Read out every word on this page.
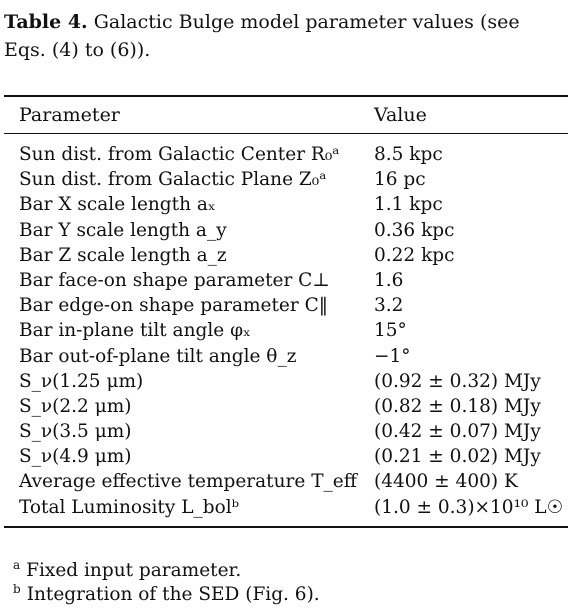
Table 4. Galactic Bulge model parameter values (see Eqs. (4) to (6)).
Parameter	Value
Sun dist. from Galactic Center R₀ᵃ 8.5 kpc
Sun dist. from Galactic Plane Z₀ᵃ	16 pc
Bar X scale length aₓ	1.1 kpc
Bar Y scale length a_y	0.36 kpc
Bar Z scale length a_z	0.22 kpc
Bar face-on shape parameter C⊥ 1.6
Bar edge-on shape parameter C‖ 3.2
Bar in-plane tilt angle φₓ	15°
Bar out-of-plane tilt angle θ_z	−1°
S_ν(1.25 μm)	(0.92 ± 0.32) MJy
S_ν(2.2 μm)	(0.82 ± 0.18) MJy
S_ν(3.5 μm)	(0.42 ± 0.07) MJy
S_ν(4.9 μm)	(0.21 ± 0.02) MJy
Average effective temperature T_eff (4400 ± 400) K
Total Luminosity L_bolᵇ	(1.0 ± 0.3)×10¹⁰ L☉
$^a$ Fixed input parameter.
$^b$ Integration of the SED (Fig. 6).
